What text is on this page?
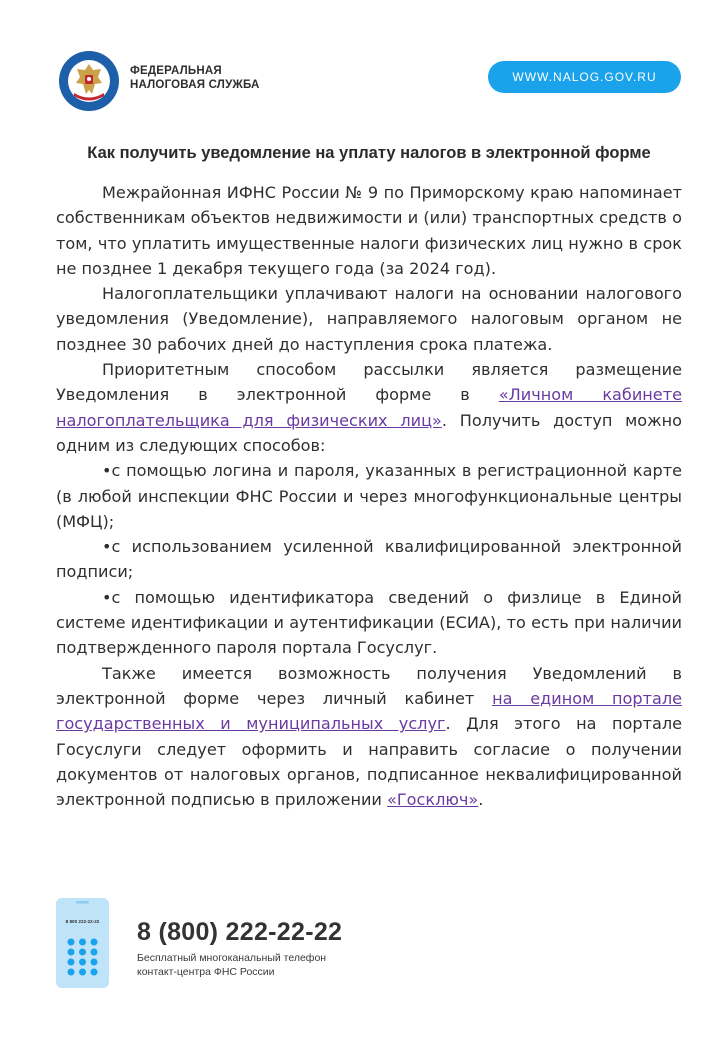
ФЕДЕРАЛЬНАЯ
НАЛОГОВАЯ СЛУЖБА
WWW.NALOG.GOV.RU
Как получить уведомление на уплату налогов в электронной форме

Межрайонная ИФНС России № 9 по Приморскому краю напоминает собственникам объектов недвижимости и (или) транспортных средств о том, что уплатить имущественные налоги физических лиц нужно в срок не позднее 1 декабря текущего года (за 2024 год).

Налогоплательщики уплачивают налоги на основании налогового уведомления (Уведомление), направляемого налоговым органом не позднее 30 рабочих дней до наступления срока платежа.

Приоритетным способом рассылки является размещение Уведомления в электронной форме в «Личном кабинете налогоплательщика для физических лиц». Получить доступ можно одним из следующих способов:

•с помощью логина и пароля, указанных в регистрационной карте (в любой инспекции ФНС России и через многофункциональные центры (МФЦ);

•с использованием усиленной квалифицированной электронной подписи;

•с помощью идентификатора сведений о физлице в Единой системе идентификации и аутентификации (ЕСИА), то есть при наличии подтвержденного пароля портала Госуслуг.

Также имеется возможность получения Уведомлений в электронной форме через личный кабинет на едином портале государственных и муниципальных услуг. Для этого на портале Госуслуги следует оформить и направить согласие о получении документов от налоговых органов, подписанное неквалифицированной электронной подписью в приложении «Госключ».

8 800 222-22-22 8 (800) 222-22-22
Бесплатный многоканальный телефон
контакт-центра ФНС России
